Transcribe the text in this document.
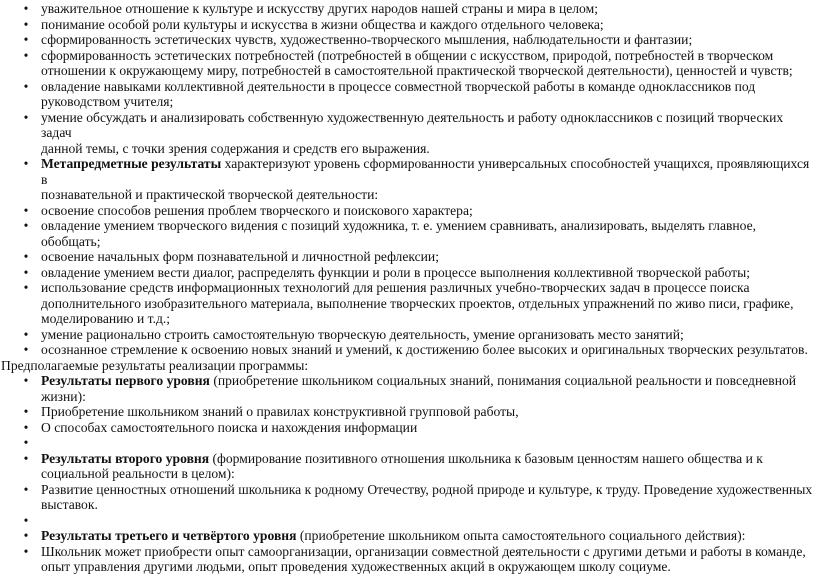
• уважительное отношение к культуре и искусству других народов нашей страны и мира в целом;
• понимание особой роли культуры и искусства в жизни общества и каждого отдельного человека;
• сформированность эстетических чувств, художественно-творческого мышления, наблюдательности и фантазии;
• сформированность эстетических потребностей (потребностей в общении с искусством, природой, потребностей в творческом
отношении к окружающему миру, потребностей в самостоятельной практической творческой деятельности), ценностей и чувств;
• овладение навыками коллективной деятельности в процессе совместной творческой работы в команде одноклассников под
руководством учителя;
• умение обсуждать и анализировать собственную художественную деятельность и работу одноклассников с позиций творческих задач
данной темы, с точки зрения содержания и средств его выражения.
• Метапредметные результаты характеризуют уровень сформированности универсальных способностей учащихся, проявляющихся в
познавательной и практической творческой деятельности:
• освоение способов решения проблем творческого и поискового характера;
• овладение умением творческого видения с позиций художника, т. е. умением сравнивать, анализировать, выделять главное, обобщать;
• освоение начальных форм познавательной и личностной рефлексии;
• овладение умением вести диалог, распределять функции и роли в процессе выполнения коллективной творческой работы;
• использование средств информационных технологий для решения различных учебно-творческих задач в процессе поиска
дополнительного изобразительного материала, выполнение творческих проектов, отдельных упражнений по живо писи, графике,
моделированию и т.д.;
• умение рационально строить самостоятельную творческую деятельность, умение организовать место занятий;
• осознанное стремление к освоению новых знаний и умений, к достижению более высоких и оригинальных творческих результатов.
Предполагаемые результаты реализации программы:
• Результаты первого уровня (приобретение школьником социальных знаний, понимания социальной реальности и повседневной
жизни):
• Приобретение школьником знаний о правилах конструктивной групповой работы,
• О способах самостоятельного поиска и нахождения информации
•

• Результаты второго уровня (формирование позитивного отношения школьника к базовым ценностям нашего общества и к
социальной реальности в целом):
• Развитие ценностных отношений школьника к родному Отечеству, родной природе и культуре, к труду. Проведение художественных
выставок.
•

• Результаты третьего и четвёртого уровня (приобретение школьником опыта самостоятельного социального действия):
• Школьник может приобрести опыт самоорганизации, организации совместной деятельности с другими детьми и работы в команде,
опыт управления другими людьми, опыт проведения художественных акций в окружающем школу социуме.
